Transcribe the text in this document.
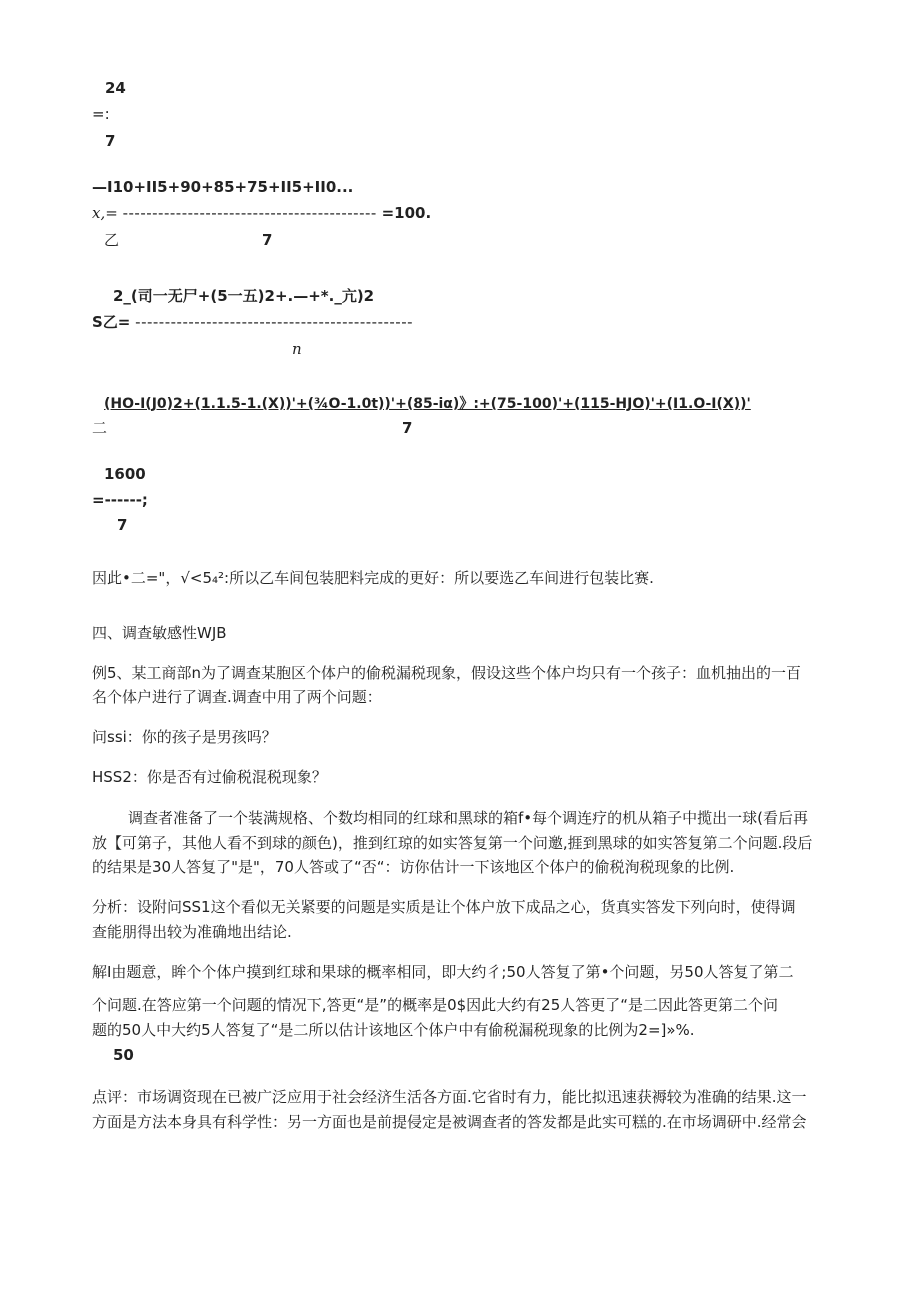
24
=:
7
—I10+II5+90+85+75+II5+II0...
x,= ------------------------------------------- =100.
乙	7
2_(司一无尸+(5一五)2+.—+*._亢)2
S乙= -----------------------------------------------
n
(HO-I(J0)2+(1.1.5-1.(X))'+(¾O-1.0t))'+(85-iα)》:+(75-100)'+(115-HJO)'+(I1.O-I(X))'
二	7
1600
=------;
7
因此•二="，√<5₄²:所以乙车间包装肥料完成的更好：所以要选乙车间进行包装比赛.
四、调查敏感性WJB
例5、某工商部n为了调查某胞区个体户的偷税漏税现象，假设这些个体户均只有一个孩子：血机抽出的一百
名个体户进行了调查.调查中用了两个问题：
问ssi：你的孩子是男孩吗？
HSS2：你是否有过偷税混税现象？
调查者准备了一个装满规格、个数均相同的红球和黑球的箱f•每个调连疗的机从箱子中揽出一球(看后再
放【可第子，其他人看不到球的颜色)，推到红琼的如实答复第一个问邀,捱到黑球的如实答复第二个问题.段后
的结果是30人答复了"是"，70人答或了“否“：访你估计一下该地区个体户的偷税洵税现象的比例.
分析：设附问SS1这个看似无关紧要的问题是实质是让个体户放下成品之心，货真实答发下列向时，使得调
查能朋得出较为准确地出结论.
解I由题意，眸个个体户摸到红球和果球的概率相同，即大约彳;50人答复了第•个问题，另50人答复了第二
个问题.在答应第一个问题的情况下,答更“是”的概率是0$因此大约有25人答更了“是二因此答更第二个问
题的50人中大约5人答复了“是二所以估计该地区个体户中有偷税漏税现象的比例为2=]»%.
50
点评：市场调资现在已被广泛应用于社会经济生活各方面.它省时有力，能比拟迅速获褥较为准确的结果.这一
方面是方法本身具有科学性：另一方面也是前提侵定是被调查者的答发都是此实可糕的.在市场调研中.经常会
